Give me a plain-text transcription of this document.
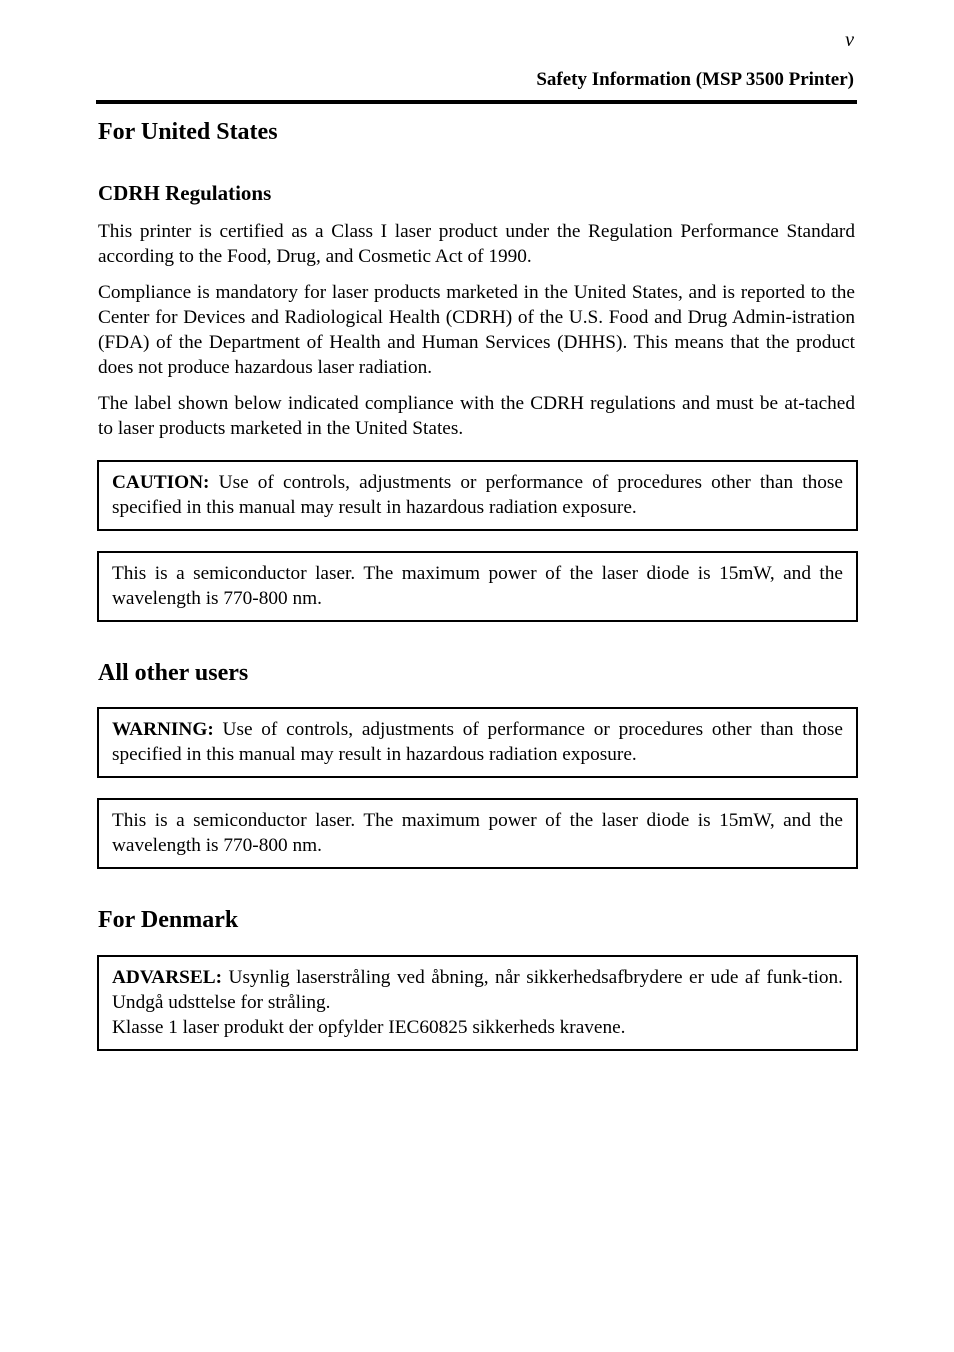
v
Safety Information (MSP 3500 Printer)
For United States
CDRH Regulations

This printer is certified as a Class I laser product under the Regulation Performance Standard according to the Food, Drug, and Cosmetic Act of 1990.

Compliance is mandatory for laser products marketed in the United States, and is reported to the Center for Devices and Radiological Health (CDRH) of the U.S. Food and Drug Admin-istration (FDA) of the Department of Health and Human Services (DHHS). This means that the product does not produce hazardous laser radiation.

The label shown below indicated compliance with the CDRH regulations and must be at-tached to laser products marketed in the United States.

CAUTION: Use of controls, adjustments or performance of procedures other than those specified in this manual may result in hazardous radiation exposure.
This is a semiconductor laser. The maximum power of the laser diode is 15mW, and the wavelength is 770-800 nm.
All other users
WARNING: Use of controls, adjustments of performance or procedures other than those specified in this manual may result in hazardous radiation exposure.
This is a semiconductor laser. The maximum power of the laser diode is 15mW, and the wavelength is 770-800 nm.
For Denmark
ADVARSEL: Usynlig laserstråling ved åbning, når sikkerhedsafbrydere er ude af funk-tion. Undgå udsttelse for stråling.
Klasse 1 laser produkt der opfylder IEC60825 sikkerheds kravene.
